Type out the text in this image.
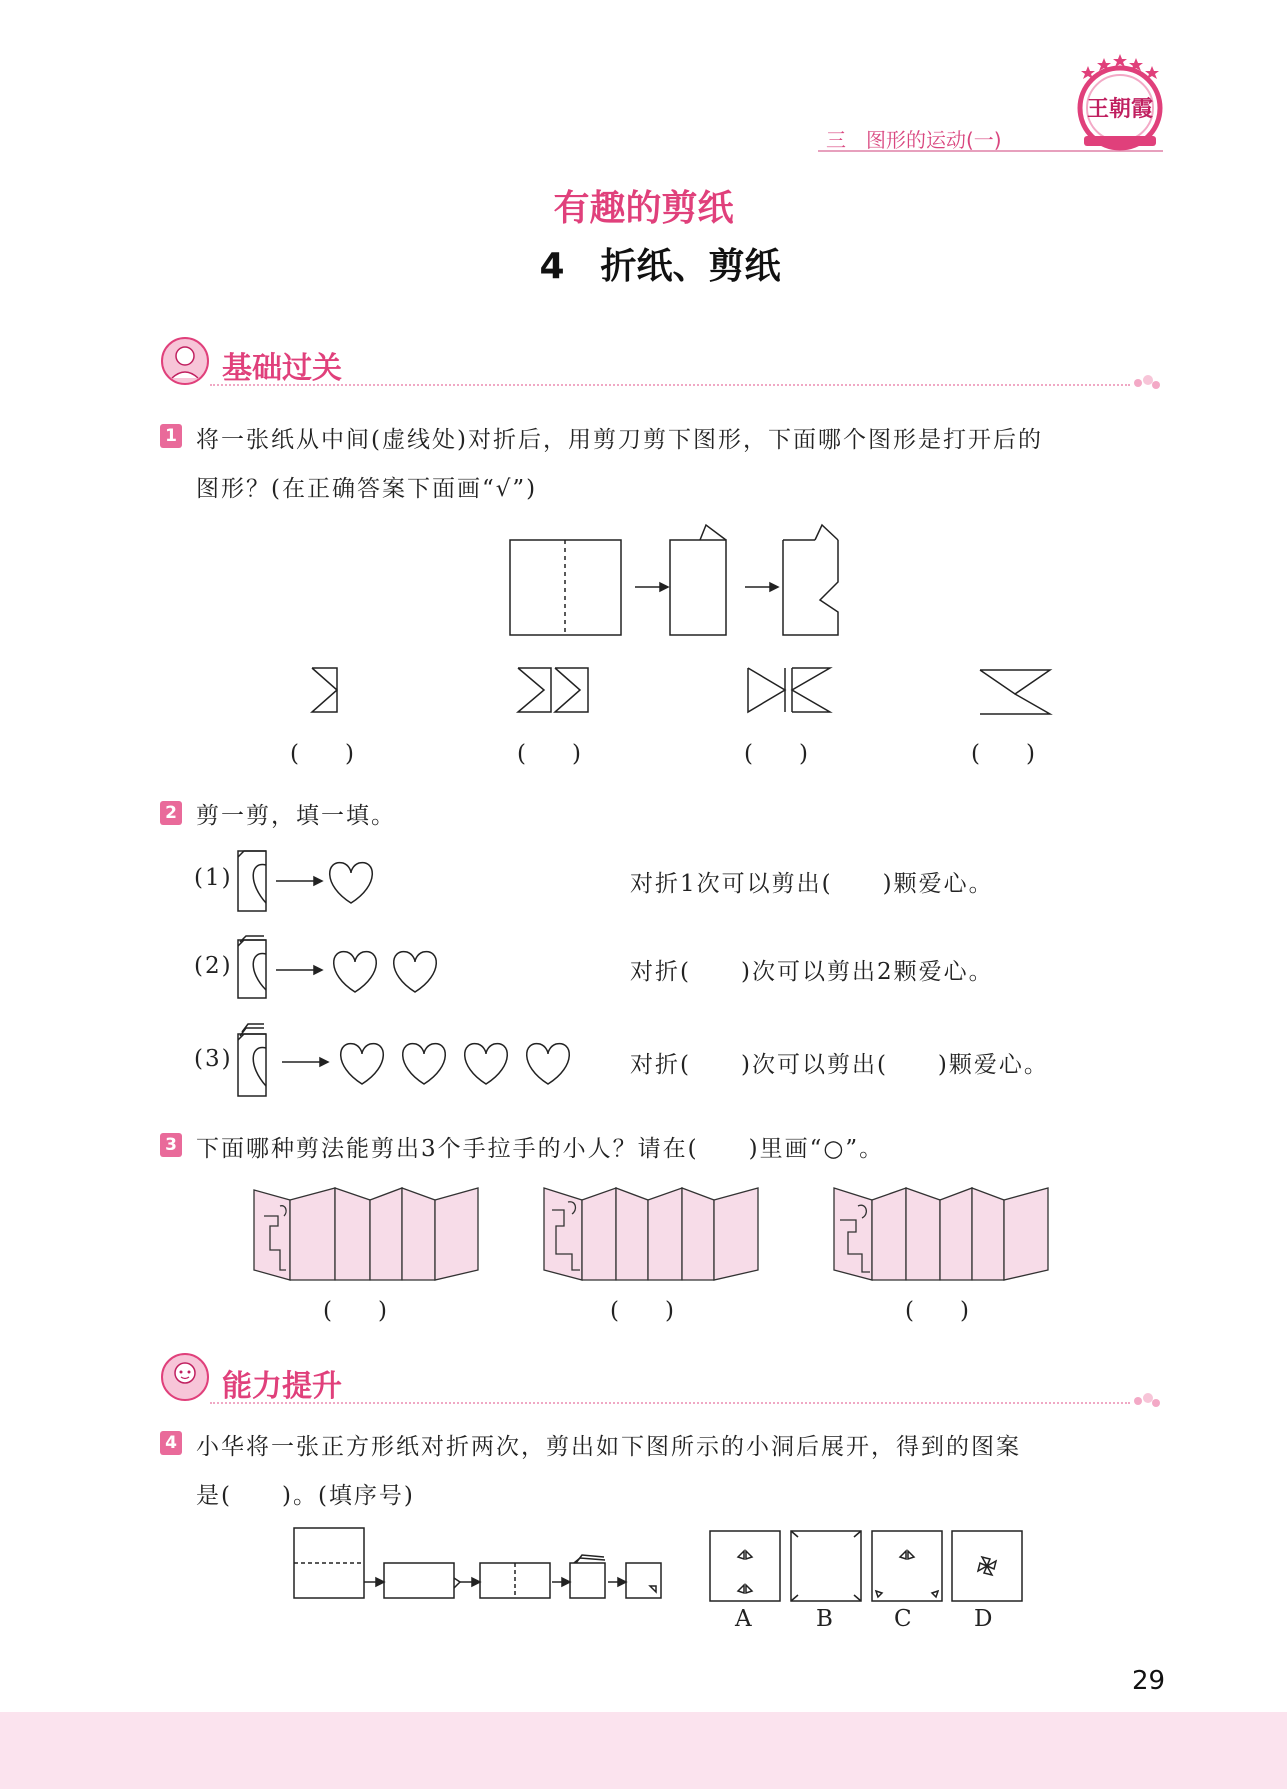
三　图形的运动(一)
王朝霞
有趣的剪纸
4　折纸、剪纸
基础过关
1 将一张纸从中间(虚线处)对折后，用剪刀剪下图形，下面哪个图形是打开后的
图形？(在正确答案下面画“√”)
(　　)	(　　)	(　　)	(　　)
2 剪一剪，填一填。
(1)	对折1次可以剪出(　　)颗爱心。
(2)	对折(　　)次可以剪出2颗爱心。
(3)	对折(　　)次可以剪出(　　)颗爱心。
3 下面哪种剪法能剪出3个手拉手的小人？请在(　　)里画“○”。
(　　)	(　　)	(　　)
能力提升
4 小华将一张正方形纸对折两次，剪出如下图所示的小洞后展开，得到的图案
是(　　)。(填序号)
A	B	C	D
29
